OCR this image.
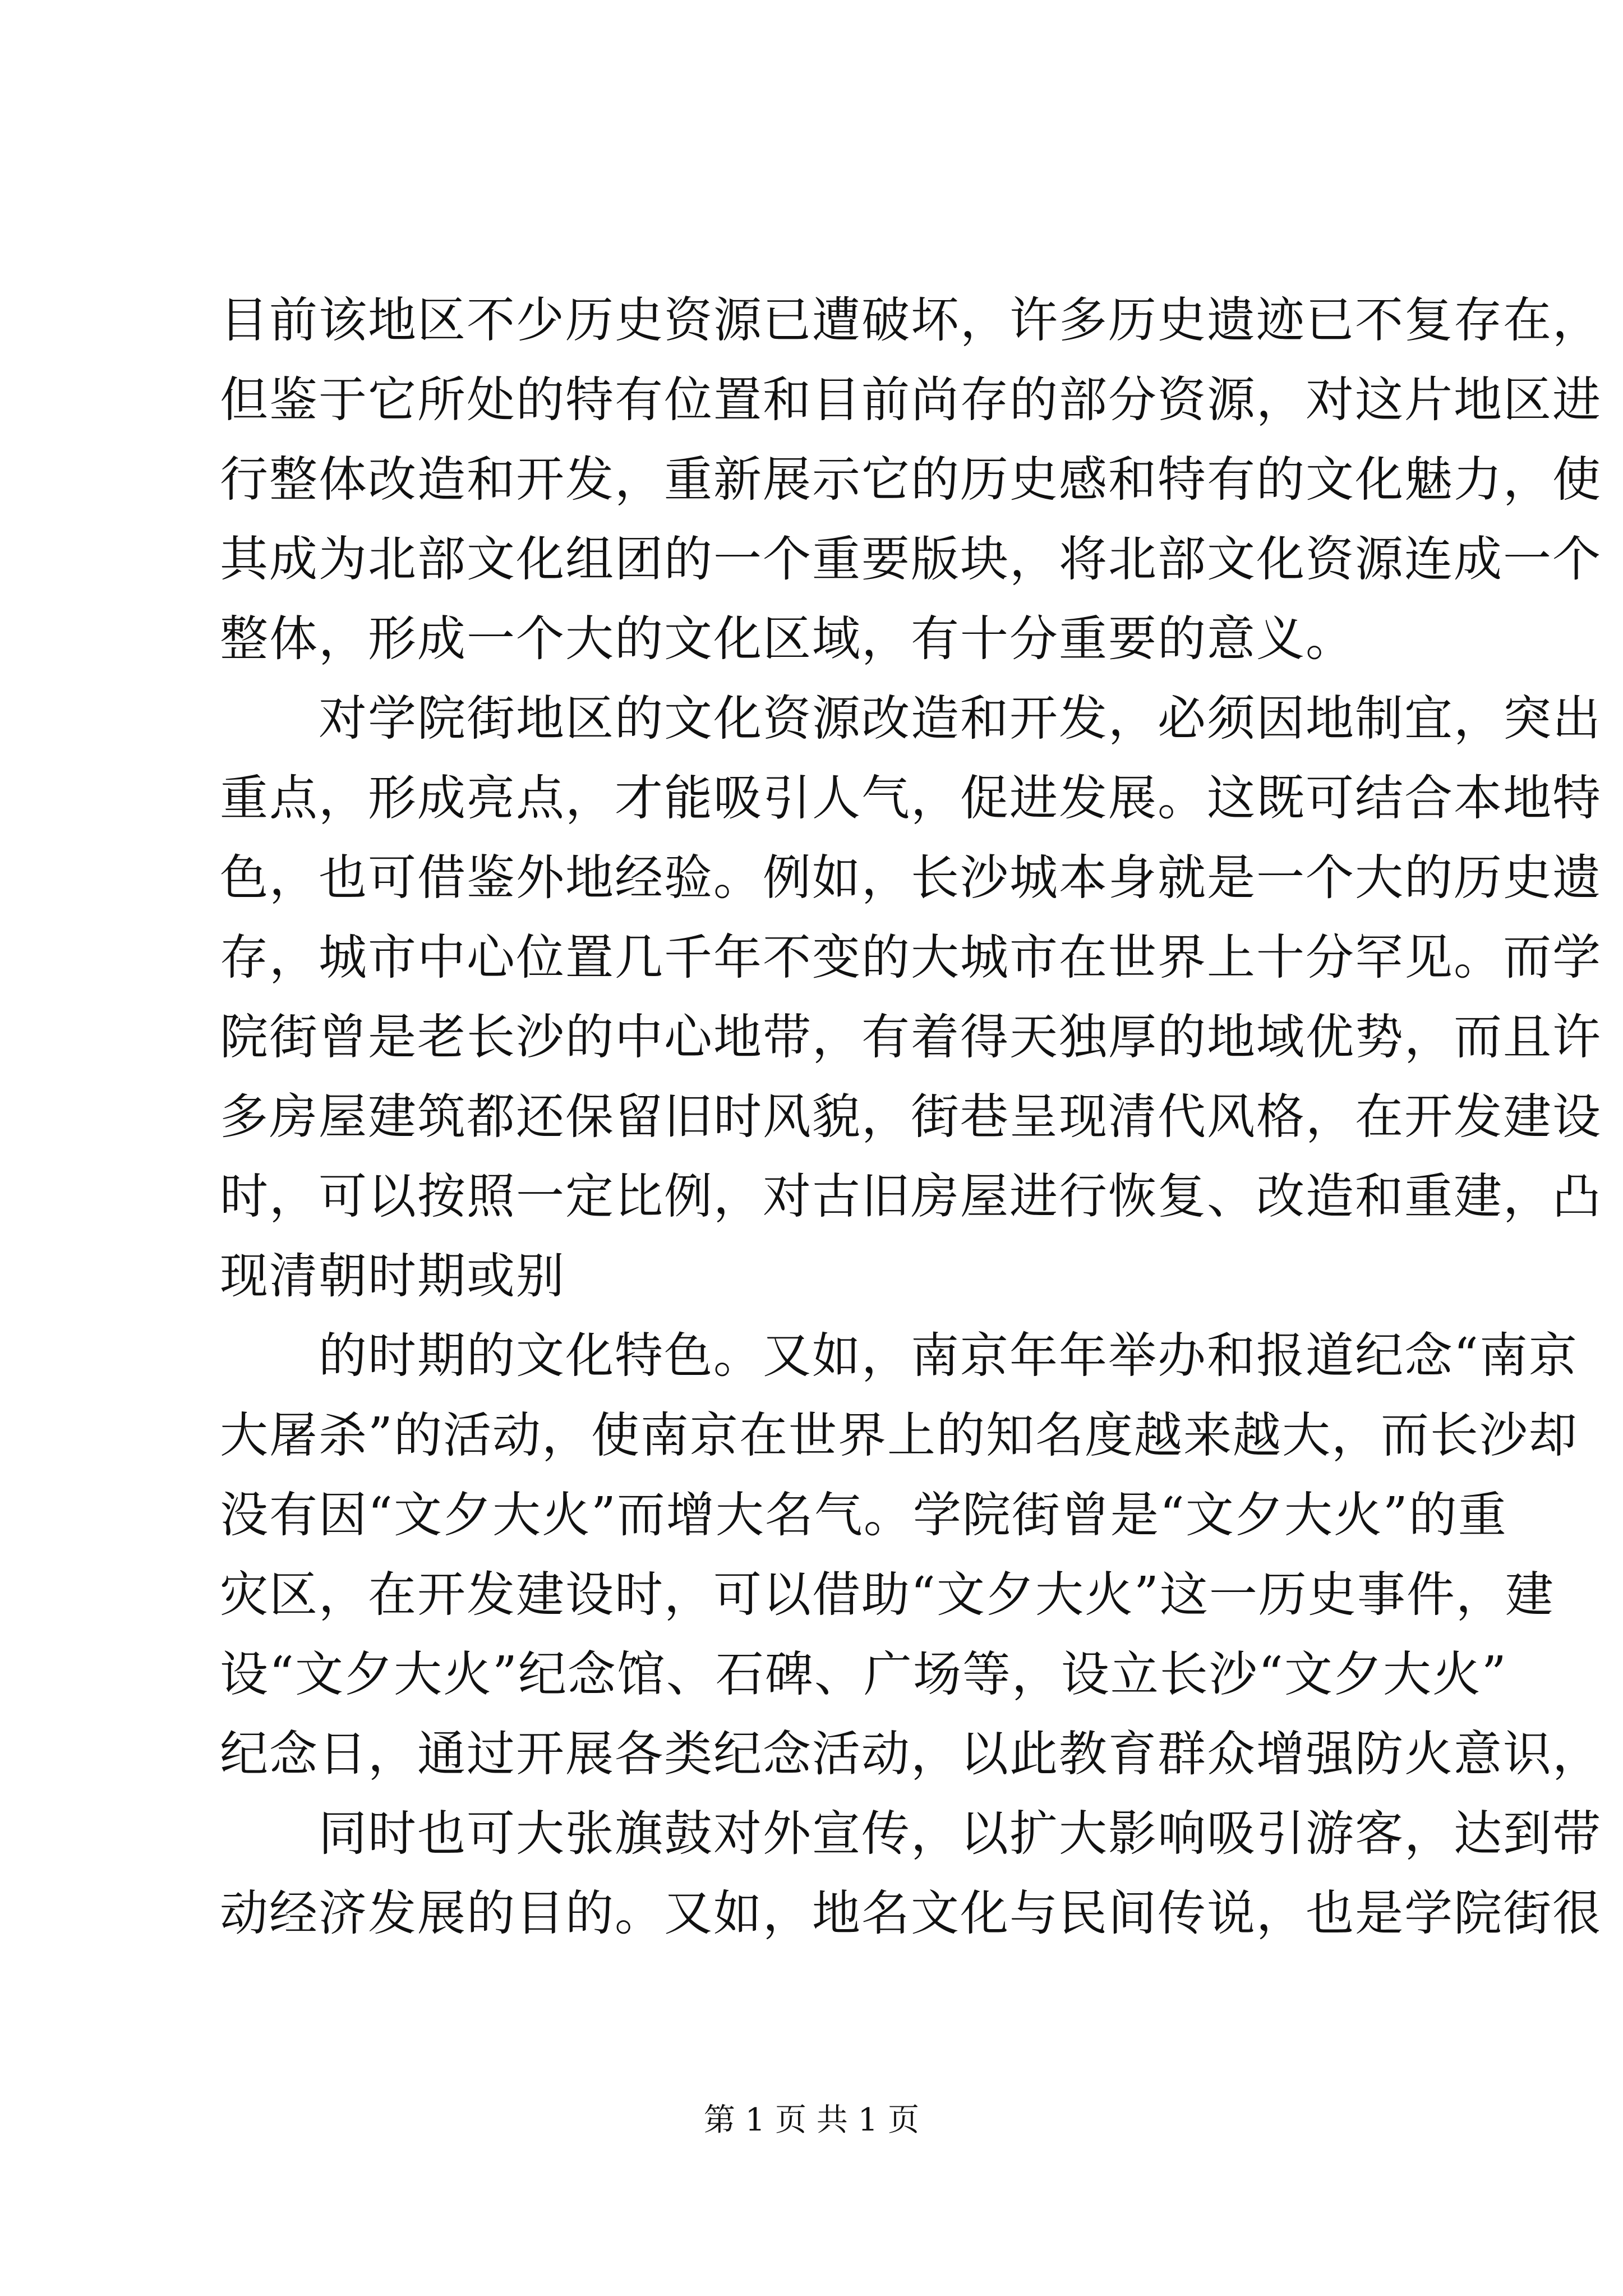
目前该地区不少历史资源已遭破坏，许多历史遗迹已不复存在，
但鉴于它所处的特有位置和目前尚存的部分资源，对这片地区进
行整体改造和开发，重新展示它的历史感和特有的文化魅力，使
其成为北部文化组团的一个重要版块，将北部文化资源连成一个
整体，形成一个大的文化区域，有十分重要的意义。
对学院街地区的文化资源改造和开发，必须因地制宜，突出
重点，形成亮点，才能吸引人气，促进发展。这既可结合本地特
色，也可借鉴外地经验。例如，长沙城本身就是一个大的历史遗
存，城市中心位置几千年不变的大城市在世界上十分罕见。而学
院街曾是老长沙的中心地带，有着得天独厚的地域优势，而且许
多房屋建筑都还保留旧时风貌，街巷呈现清代风格，在开发建设
时，可以按照一定比例，对古旧房屋进行恢复、改造和重建，凸
现清朝时期或别
的时期的文化特色。又如，南京年年举办和报道纪念“南京
大屠杀”的活动，使南京在世界上的知名度越来越大，而长沙却
没有因“文夕大火”而增大名气。学院街曾是“文夕大火”的重
灾区，在开发建设时，可以借助“文夕大火”这一历史事件，建
设“文夕大火”纪念馆、石碑、广场等，设立长沙“文夕大火”
纪念日，通过开展各类纪念活动，以此教育群众增强防火意识，
同时也可大张旗鼓对外宣传，以扩大影响吸引游客，达到带
动经济发展的目的。又如，地名文化与民间传说，也是学院街很
第 1 页 共 1 页
